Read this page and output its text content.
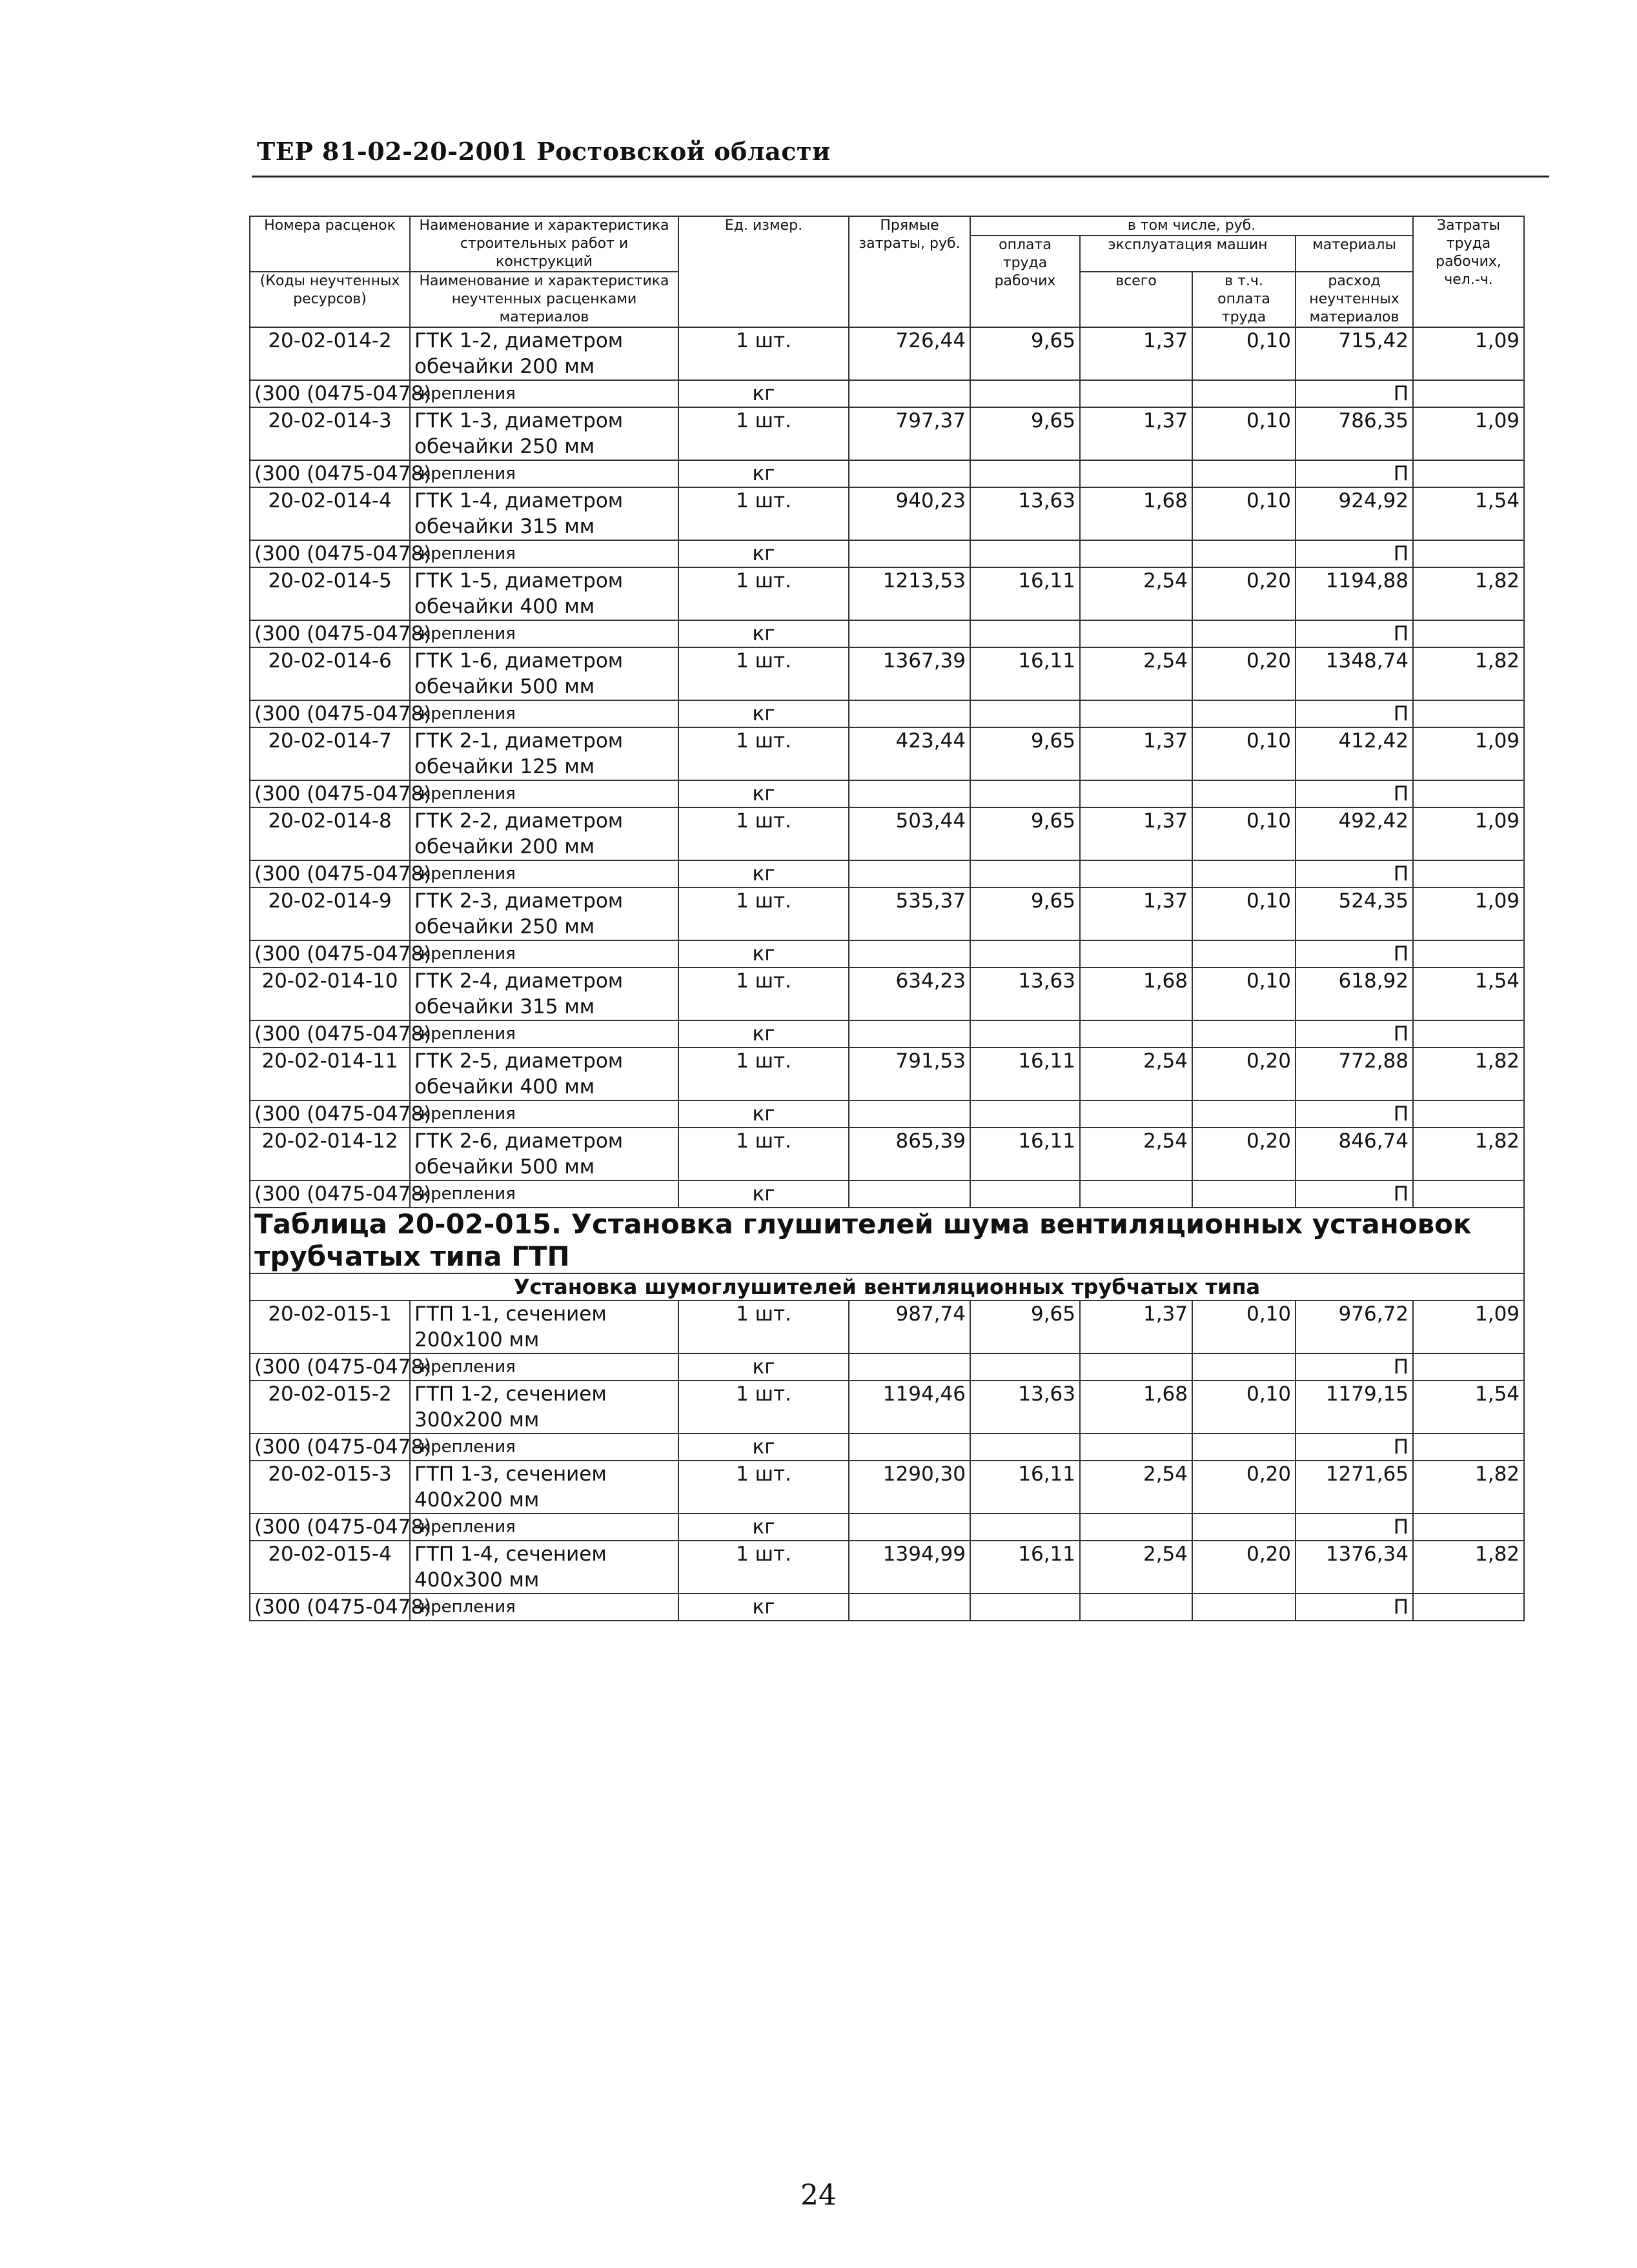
ТЕР 81-02-20-2001 Ростовской области
Номера расценок	Наименование и характеристика строительных работ и конструкций	Ед. измер.	Прямые затраты, руб.	в том числе, руб.				Затраты труда рабочих, чел.-ч.
				оплата труда рабочих	эксплуатация машин		материалы	
(Коды неучтенных ресурсов)	Наименование и характеристика неучтенных расценками материалов				всего	в т.ч. оплата труда	расход неучтенных материалов	

20-02-014-2	ГТК 1-2, диаметром обечайки 200 мм	1 шт.	726,44	9,65	1,37	0,10	715,42	1,09
(300 (0475-0478)	-крепления	кг					П	
20-02-014-3	ГТК 1-3, диаметром обечайки 250 мм	1 шт.	797,37	9,65	1,37	0,10	786,35	1,09
(300 (0475-0478)	-крепления	кг					П	
20-02-014-4	ГТК 1-4, диаметром обечайки 315 мм	1 шт.	940,23	13,63	1,68	0,10	924,92	1,54
(300 (0475-0478)	-крепления	кг					П	
20-02-014-5	ГТК 1-5, диаметром обечайки 400 мм	1 шт.	1213,53	16,11	2,54	0,20	1194,88	1,82
(300 (0475-0478)	-крепления	кг					П	
20-02-014-6	ГТК 1-6, диаметром обечайки 500 мм	1 шт.	1367,39	16,11	2,54	0,20	1348,74	1,82
(300 (0475-0478)	-крепления	кг					П	
20-02-014-7	ГТК 2-1, диаметром обечайки 125 мм	1 шт.	423,44	9,65	1,37	0,10	412,42	1,09
(300 (0475-0478)	-крепления	кг					П	
20-02-014-8	ГТК 2-2, диаметром обечайки 200 мм	1 шт.	503,44	9,65	1,37	0,10	492,42	1,09
(300 (0475-0478)	-крепления	кг					П	
20-02-014-9	ГТК 2-3, диаметром обечайки 250 мм	1 шт.	535,37	9,65	1,37	0,10	524,35	1,09
(300 (0475-0478)	-крепления	кг					П	
20-02-014-10	ГТК 2-4, диаметром обечайки 315 мм	1 шт.	634,23	13,63	1,68	0,10	618,92	1,54
(300 (0475-0478)	-крепления	кг					П	
20-02-014-11	ГТК 2-5, диаметром обечайки 400 мм	1 шт.	791,53	16,11	2,54	0,20	772,88	1,82
(300 (0475-0478)	-крепления	кг					П	
20-02-014-12	ГТК 2-6, диаметром обечайки 500 мм	1 шт.	865,39	16,11	2,54	0,20	846,74	1,82
(300 (0475-0478)	-крепления	кг					П	
Таблица 20-02-015. Установка глушителей шума вентиляционных установок трубчатых типа ГТП								
Установка шумоглушителей вентиляционных трубчатых типа								
20-02-015-1	ГТП 1-1, сечением 200x100 мм	1 шт.	987,74	9,65	1,37	0,10	976,72	1,09
(300 (0475-0478)	-крепления	кг					П	
20-02-015-2	ГТП 1-2, сечением 300x200 мм	1 шт.	1194,46	13,63	1,68	0,10	1179,15	1,54
(300 (0475-0478)	-крепления	кг					П	
20-02-015-3	ГТП 1-3, сечением 400x200 мм	1 шт.	1290,30	16,11	2,54	0,20	1271,65	1,82
(300 (0475-0478)	-крепления	кг					П	
20-02-015-4	ГТП 1-4, сечением 400x300 мм	1 шт.	1394,99	16,11	2,54	0,20	1376,34	1,82
(300 (0475-0478)	-крепления	кг					П	
24
